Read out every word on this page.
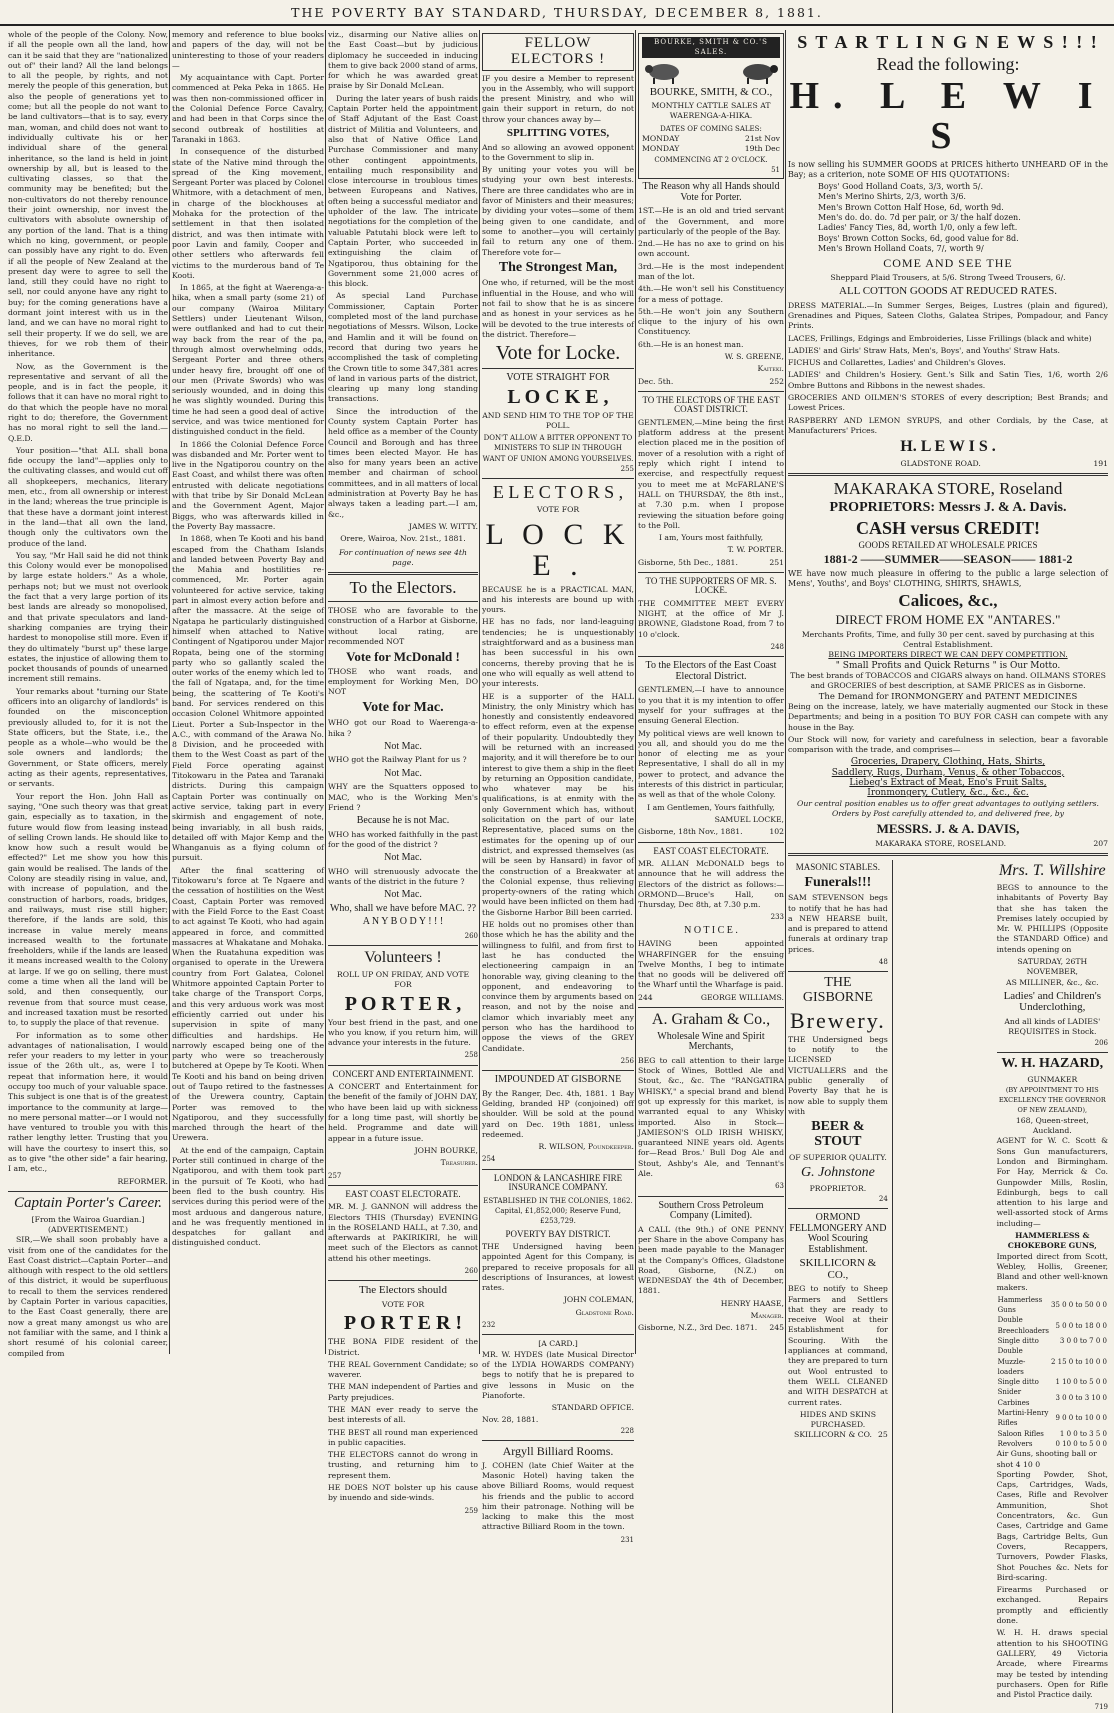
THE POVERTY BAY STANDARD, THURSDAY, DECEMBER 8, 1881.

whole of the people of the Colony. Now, if all the people own all the land, how can it be said that they are "nationalized out of" their land? All the land belongs to all the people, by rights, and not merely the people of this generation, but also the people of generations yet to come; but all the people do not want to be land cultivators—that is to say, every man, woman, and child does not want to individually cultivate his or her individual share of the general inheritance, so the land is held in joint ownership by all, but is leased to the cultivating classes, so that the community may be benefited; but the non-cultivators do not thereby renounce their joint ownership, nor invest the cultivators with absolute ownership of any portion of the land. That is a thing which no king, government, or people can possibly have any right to do. Even if all the people of New Zealand at the present day were to agree to sell the land, still they could have no right to sell, nor could anyone have any right to buy; for the coming generations have a dormant joint interest with us in the land, and we can have no moral right to sell their property. If we do sell, we are thieves, for we rob them of their inheritance.

Now, as the Government is the representative and servant of all the people, and is in fact the people, it follows that it can have no moral right to do that which the people have no moral right to do; therefore, the Government has no moral right to sell the land.—Q.E.D.

Your position—"that ALL shall bona fide occupy the land"—applies only to the cultivating classes, and would cut off all shopkeepers, mechanics, literary men, etc., from all ownership or interest in the land; whereas the true principle is that these have a dormant joint interest in the land—that all own the land, though only the cultivators own the produce of the land.

You say, "Mr Hall said he did not think this Colony would ever be monopolised by large estate holders." As a whole, perhaps not; but we must not overlook the fact that a very large portion of its best lands are already so monopolised, and that private speculators and land-sharking companies are trying their hardest to monopolise still more. Even if they do ultimately "burst up" these large estates, the injustice of allowing them to pocket thousands of pounds of unearned increment still remains.

Your remarks about "turning our State officers into an oligarchy of landlords" is founded on the misconception previously alluded to, for it is not the State officers, but the State, i.e., the people as a whole—who would be the sole owners and landlords; the Government, or State officers, merely acting as their agents, representatives, or servants.

Your report the Hon. John Hall as saying, "One such theory was that great gain, especially as to taxation, in the future would flow from leasing instead of selling Crown lands. He should like to know how such a result would be effected?" Let me show you how this gain would be realised. The lands of the Colony are steadily rising in value, and, with increase of population, and the construction of harbors, roads, bridges, and railways, must rise still higher; therefore, if the lands are sold, this increase in value merely means increased wealth to the fortunate freeholders, while if the lands are leased it means increased wealth to the Colony at large. If we go on selling, there must come a time when all the land will be sold, and then consequently, our revenue from that source must cease, and increased taxation must be resorted to, to supply the place of that revenue.

For information as to some other advantages of nationalisation, I would refer your readers to my letter in your issue of the 26th ult., as, were I to repeat that information here, it would occupy too much of your valuable space. This subject is one that is of the greatest importance to the community at large—no mere personal matter—or I would not have ventured to trouble you with this rather lengthy letter. Trusting that you will have the courtesy to insert this, so as to give "the other side" a fair hearing, I am, etc.,

REFORMER.
Captain Porter's Career.
[From the Wairoa Guardian.]
(ADVERTISEMENT.)

SIR,—We shall soon probably have a visit from one of the candidates for the East Coast district—Captain Porter—and although with respect to the old settlers of this district, it would be superfluous to recall to them the services rendered by Captain Porter in various capacities, to the East Coast generally, there are now a great many amongst us who are not familiar with the same, and I think a short resumé of his colonial career, compiled from

memory and reference to blue books and papers of the day, will not be uninteresting to those of your readers—

My acquaintance with Capt. Porter commenced at Peka Peka in 1865. He was then non-commissioned officer in the Colonial Defence Force Cavalry, and had been in that Corps since the second outbreak of hostilities at Taranaki in 1863.

In consequence of the disturbed state of the Native mind through the spread of the King movement, Sergeant Porter was placed by Colonel Whitmore, with a detachment of men, in charge of the blockhouses at Mohaka for the protection of the settlement in that then isolated district, and was then intimate with poor Lavin and family, Cooper and other settlers who afterwards fell victims to the murderous band of Te Kooti.

In 1865, at the fight at Waerenga-a-hika, when a small party (some 21) of our company (Wairoa Military Settlers) under Lieutenant Wilson, were outflanked and had to cut their way back from the rear of the pa, through almost overwhelming odds, Sergeant Porter and three others under heavy fire, brought off one of our men (Private Swords) who was seriously wounded, and in doing this he was slightly wounded. During this time he had seen a good deal of active service, and was twice mentioned for distinguished conduct in the field.

In 1866 the Colonial Defence Force was disbanded and Mr. Porter went to live in the Ngatiporou country on the East Coast, and whilst there was often entrusted with delicate negotiations with that tribe by Sir Donald McLean and the Government Agent, Major Biggs, who was afterwards killed in the Poverty Bay massacre.

In 1868, when Te Kooti and his band escaped from the Chatham Islands and landed between Poverty Bay and the Mahia and hostilities re-commenced, Mr. Porter again volunteered for active service, taking part in almost every action before and after the massacre. At the seige of Ngatapa he particularly distinguished himself when attached to Native Contingent of Ngatiporou under Major Ropata, being one of the storming party who so gallantly scaled the outer works of the enemy which led to the fall of Ngatapa, and, for the time being, the scattering of Te Kooti's band. For services rendered on this occasion Colonel Whitmore appointed Lieut. Porter a Sub-Inspector in the A.C., with command of the Arawa No. 8 Division, and he proceeded with them to the West Coast as part of the Field Force operating against Titokowaru in the Patea and Taranaki districts. During this campaign Captain Porter was continually on active service, taking part in every skirmish and engagement of note, being invariably, in all bush raids, detailed off with Major Kemp and the Whanganuis as a flying column of pursuit.

After the final scattering of Titokowaru's force at Te Ngaere and the cessation of hostilities on the West Coast, Captain Porter was removed with the Field Force to the East Coast to act against Te Kooti, who had again appeared in force, and committed massacres at Whakatane and Mohaka. When the Ruatahuna expedition was organised to operate in the Urewera country from Fort Galatea, Colonel Whitmore appointed Captain Porter to take charge of the Transport Corps, and this very arduous work was most efficiently carried out under his supervision in spite of many difficulties and hardships. He narrowly escaped being one of the party who were so treacherously butchered at Opepe by Te Kooti. When Te Kooti and his band on being driven out of Taupo retired to the fastnesses of the Urewera country, Captain Porter was removed to the Ngatiporou, and they successfully marched through the heart of the Urewera.

At the end of the campaign, Captain Porter still continued in charge of the Ngatiporou, and with them took part in the pursuit of Te Kooti, who had been fled to the bush country. His services during this period were of the most arduous and dangerous nature, and he was frequently mentioned in despatches for gallant and distinguished conduct.

viz., disarming our Native allies on the East Coast—but by judicious diplomacy he succeeded in inducing them to give back 2000 stand of arms, for which he was awarded great praise by Sir Donald McLean.

During the later years of bush raids Captain Porter held the appointment of Staff Adjutant of the East Coast district of Militia and Volunteers, and also that of Native Office Land Purchase Commissioner and many other contingent appointments, entailing much responsibility and close intercourse in troublous times between Europeans and Natives, often being a successful mediator and upholder of the law. The intricate negotiations for the completion of the valuable Patutahi block were left to Captain Porter, who succeeded in extinguishing the claim of Ngatiporou, thus obtaining for the Government some 21,000 acres of this block.

As special Land Purchase Commissioner, Captain Porter completed most of the land purchase negotiations of Messrs. Wilson, Locke and Hamlin and it will be found on record that during two years he accomplished the task of completing the Crown title to some 347,381 acres of land in various parts of the district, clearing up many long standing transactions.

Since the introduction of the County system Captain Porter has held office as a member of the County Council and Borough and has three times been elected Mayor. He has also for many years been an active member and chairman of school committees, and in all matters of local administration at Poverty Bay he has always taken a leading part.—I am, &c.,

JAMES W. WITTY.
Orere, Wairoa, Nov. 21st., 1881.
For continuation of news see 4th page.
To the Electors.

THOSE who are favorable to the construction of a Harbor at Gisborne, without local rating, are recommended NOT

Vote for McDonald !

THOSE who want roads, and employment for Working Men, DO NOT

Vote for Mac.

WHO got our Road to Waerenga-a-hika ?

Not Mac.

WHO got the Railway Plant for us ?

Not Mac.

WHY are the Squatters opposed to MAC, who is the Working Men's Friend ?

Because he is not Mac.

WHO has worked faithfully in the past for the good of the district ?

Not Mac.

WHO will strenuously advocate the wants of the district in the future ?

Not Mac.
Who, shall we have before MAC. ??
A N Y B O D Y ! ! !
260
Volunteers !
ROLL UP ON FRIDAY, AND VOTE FOR
P O R T E R ,

Your best friend in the past, and one who you know, if you return him, will advance your interests in the future.

258
CONCERT AND ENTERTAINMENT.

A CONCERT and Entertainment for the benefit of the family of JOHN DAY, who have been laid up with sickness for a long time past, will shortly be held. Programme and date will appear in a future issue.

JOHN BOURKE,
Treasurer.
257
EAST COAST ELECTORATE.

MR. M. J. GANNON will address the Electors THIS (Thursday) EVENING in the ROSELAND HALL, at 7.30, and afterwards at PAKIRIKIRI, he will meet such of the Electors as cannot attend his other meetings.

260
The Electors should
VOTE FOR
P O R T E R !

THE BONA FIDE resident of the District.

THE REAL Government Candidate; so waverer.

THE MAN independent of Parties and Party prejudices.

THE MAN ever ready to serve the best interests of all.

THE BEST all round man experienced in public capacities.

THE ELECTORS cannot do wrong in trusting, and returning him to represent them.

HE DOES NOT bolster up his cause by inuendo and side-winds.

259
FELLOW ELECTORS !

IF you desire a Member to represent you in the Assembly, who will support the present Ministry, and who will gain their support in return, do not throw your chances away by—

SPLITTING VOTES,

And so allowing an avowed opponent to the Government to slip in.

By uniting your votes you will be studying your own best interests. There are three candidates who are in favor of Ministers and their measures; by dividing your votes—some of them being given to one candidate, and some to another—you will certainly fail to return any one of them. Therefore vote for—

The Strongest Man,

One who, if returned, will be the most influential in the House, and who will not fail to show that he is as sincere and as honest in your services as he will be devoted to the true interests of the district. Therefore—

Vote for Locke.
VOTE STRAIGHT FOR
L O C K E ,
AND SEND HIM TO THE TOP OF THE POLL.
DON'T ALLOW A BITTER OPPONENT TO MINISTERS TO SLIP IN THROUGH WANT OF UNION AMONG YOURSELVES.
255
E L E C T O R S ,
VOTE FOR
L O C K E .

BECAUSE he is a PRACTICAL MAN, and his interests are bound up with yours.

HE has no fads, nor land-leaguing tendencies; he is unquestionably straightforward and as a business man has been successful in his own concerns, thereby proving that he is one who will equally as well attend to your interests.

HE is a supporter of the HALL Ministry, the only Ministry which has honestly and consistently endeavored to effect reform, even at the expense of their popularity. Undoubtedly they will be returned with an increased majority, and it will therefore be to our interest to give them a ship in the fleet by returning an Opposition candidate, who whatever may be his qualifications, is at enmity with the only Government which has, without solicitation on the part of our late Representative, placed sums on the estimates for the opening up of our district, and expressed themselves (as will be seen by Hansard) in favor of the construction of a Breakwater at the Colonial expense, thus relieving property-owners of the rating which would have been inflicted on them had the Gisborne Harbor Bill been carried.

HE holds out no promises other than those which he has the ability and the willingness to fulfil, and from first to last he has conducted the electioneering campaign in an honorable way, giving cleaning to the opponent, and endeavoring to convince them by arguments based on reason, and not by the noise and clamor which invariably meet any person who has the hardihood to oppose the views of the GREY Candidate.

256
IMPOUNDED AT GISBORNE

By the Ranger, Dec. 4th, 1881. 1 Bay Gelding, branded HP (conjoined) off shoulder. Will be sold at the pound yard on Dec. 19th 1881, unless redeemed.

R. WILSON, Poundkeeper.
254
LONDON & LANCASHIRE FIRE INSURANCE COMPANY.
ESTABLISHED IN THE COLONIES, 1862.
Capital, £1,852,000; Reserve Fund, £253,729.
POVERTY BAY DISTRICT.

THE Undersigned having been appointed Agent for this Company, is prepared to receive proposals for all descriptions of Insurances, at lowest rates.

JOHN COLEMAN,
Gladstone Road.
232
[A CARD.]

MR. W. HYDES (late Musical Director of the LYDIA HOWARDS COMPANY) begs to notify that he is prepared to give lessons in Music on the Pianoforte.

STANDARD OFFICE.
Nov. 28, 1881.
228
Argyll Billiard Rooms.

J. COHEN (late Chief Waiter at the Masonic Hotel) having taken the above Billiard Rooms, would request his friends and the public to accord him their patronage. Nothing will be lacking to make this the most attractive Billiard Room in the town.

231
BOURKE, SMITH & CO.'S SALES.
BOURKE, SMITH, & CO.,
MONTHLY CATTLE SALES AT WAERENGA-A-HIKA.
DATES OF COMING SALES:
MONDAY	21st Nov
MONDAY	19th Dec
COMMENCING AT 2 O'CLOCK.
51
The Reason why all Hands should Vote for Porter.

1ST.—He is an old and tried servant of the Government, and more particularly of the people of the Bay.

2nd.—He has no axe to grind on his own account.

3rd.—He is the most independent man of the lot.

4th.—He won't sell his Constituency for a mess of pottage.

5th.—He won't join any Southern clique to the injury of his own Constituency.

6th.—He is an honest man.

W. S. GREENE,
Kaiteki.
Dec. 5th.	252
TO THE ELECTORS OF THE EAST COAST DISTRICT.

GENTLEMEN,—Mine being the first platform address at the present election placed me in the position of mover of a resolution with a right of reply which right I intend to exercise, and respectfully request you to meet me at McFARLANE'S HALL on THURSDAY, the 8th inst., at 7.30 p.m. when I propose reviewing the situation before going to the Poll.

I am, Yours most faithfully,
T. W. PORTER.
Gisborne, 5th Dec., 1881.	251
TO THE SUPPORTERS OF MR. S. LOCKE.

THE COMMITTEE MEET EVERY NIGHT, at the office of Mr J. BROWNE, Gladstone Road, from 7 to 10 o'clock.

248
To the Electors of the East Coast Electoral District.

GENTLEMEN,—I have to announce to you that it is my intention to offer myself for your suffrages at the ensuing General Election.

My political views are well known to you all, and should you do me the honor of electing me as your Representative, I shall do all in my power to protect, and advance the interests of this district in particular, as well as that of the whole Colony.

I am Gentlemen, Yours faithfully,
SAMUEL LOCKE,
Gisborne, 18th Nov., 1881.	102
EAST COAST ELECTORATE.

MR. ALLAN McDONALD begs to announce that he will address the Electors of the district as follows:— ORMOND—Bruce's Hall, on Thursday, Dec 8th, at 7.30 p.m.

233
N O T I C E .

HAVING been appointed WHARFINGER for the ensuing Twelve Months, I beg to intimate that no goods will be delivered off the Wharf until the Wharfage is paid.

244	GEORGE WILLIAMS.
A. Graham & Co.,
Wholesale Wine and Spirit Merchants,

BEG to call attention to their large Stock of Wines, Bottled Ale and Stout, &c., &c. The "RANGATIRA WHISKY," a special brand and blend got up expressly for this market, is warranted equal to any Whisky imported. Also in Stock—JAMIESON'S OLD IRISH WHISKY, guaranteed NINE years old. Agents for—Read Bros.' Bull Dog Ale and Stout, Ashby's Ale, and Tennant's Ale.

63
Southern Cross Petroleum Company (Limited).

A CALL (the 9th.) of ONE PENNY per Share in the above Company has been made payable to the Manager at the Company's Offices, Gladstone Road, Gisborne, (N.Z.) on WEDNESDAY the 4th of December, 1881.

HENRY HAASE,
Manager.
Gisborne, N.Z., 3rd Dec. 1871. 245
S T A R T L I N G N E W S ! ! !
Read the following:
H. L E W I S

Is now selling his SUMMER GOODS at PRICES hitherto UNHEARD OF in the Bay; as a criterion, note SOME OF HIS QUOTATIONS:

Boys' Good Holland Coats, 3/3, worth 5/.
Men's Merino Shirts, 2/3, worth 3/6.
Men's Brown Cotton Half Hose, 6d, worth 9d.
Men's do. do. do. 7d per pair, or 3/ the half dozen.
Ladies' Fancy Ties, 8d, worth 1/0, only a few left.
Boys' Brown Cotton Socks, 6d, good value for 8d.
Men's Brown Holland Coats, 7/, worth 9/
COME AND SEE THE
Sheppard Plaid Trousers, at 5/6. Strong Tweed Trousers, 6/.
ALL COTTON GOODS AT REDUCED RATES.

DRESS MATERIAL.—In Summer Serges, Beiges, Lustres (plain and figured), Grenadines and Piques, Sateen Cloths, Galatea Stripes, Pompadour, and Fancy Prints.

LACES, Frillings, Edgings and Embroideries, Lisse Frillings (black and white)

LADIES' and Girls' Straw Hats, Men's, Boys', and Youths' Straw Hats.

FICHUS and Collarettes, Ladies' and Children's Gloves.

LADIES' and Children's Hosiery. Gent.'s Silk and Satin Ties, 1/6, worth 2/6 Ombre Buttons and Ribbons in the newest shades.

GROCERIES AND OILMEN'S STORES of every description; Best Brands; and Lowest Prices.

RASPBERRY AND LEMON SYRUPS, and other Cordials, by the Case, at Manufacturers' Prices.

H. L E W I S .
GLADSTONE ROAD.	191
MAKARAKA STORE, Roseland
PROPRIETORS: Messrs J. & A. Davis.
CASH versus CREDIT!
GOODS RETAILED AT WHOLESALE PRICES
1881-2 ——SUMMER——SEASON—— 1881-2

WE have now much pleasure in offering to the public a large selection of Mens', Youths', and Boys' CLOTHING, SHIRTS, SHAWLS,

Calicoes, &c.,
DIRECT FROM HOME EX "ANTARES."
Merchants Profits, Time, and fully 30 per cent. saved by purchasing at this Central Establishment.
BEING IMPORTERS DIRECT WE CAN DEFY COMPETITION.
" Small Profits and Quick Returns " is Our Motto.
The best brands of TOBACCOS and CIGARS always on hand. OILMANS STORES and GROCERIES of best description, at SAME PRICES as in Gisborne.
The Demand for IRONMONGERY and PATENT MEDICINES

Being on the increase, lately, we have materially augmented our Stock in these Departments; and being in a position TO BUY FOR CASH can compete with any house in the Bay.

Our Stock will now, for variety and carefulness in selection, bear a favorable comparison with the trade, and comprises—

Groceries, Drapery, Clothing, Hats, Shirts,
Saddlery, Rugs, Durham, Venus, & other Tobaccos,
Liebeg's Extract of Meat, Eno's Fruit Salts,
Ironmongery, Cutlery, &c., &c., &c.
Our central position enables us to offer great advantages to outlying settlers. Orders by Post carefully attended to, and delivered free, by
MESSRS. J. & A. DAVIS,
MAKARAKA STORE, ROSELAND.	207
MASONIC STABLES.
Funerals!!!

SAM STEVENSON begs to notify that he has had a NEW HEARSE built, and is prepared to attend funerals at ordinary trap prices.

48
THE GISBORNE
Brewery.

THE Undersigned begs to notify to the LICENSED VICTUALLERS and the public generally of Poverty Bay that he is now able to supply them with

BEER & STOUT
OF SUPERIOR QUALITY.
G. Johnstone
PROPRIETOR.
24
ORMOND FELLMONGERY AND Wool Scouring Establishment.
SKILLICORN & CO.,

BEG to notify to Sheep Farmers and Settlers that they are ready to receive Wool at their Establishment for Scouring. With the appliances at command, they are prepared to turn out Wool entrusted to them WELL CLEANED and WITH DESPATCH at current rates.

HIDES AND SKINS PURCHASED.
SKILLICORN & CO. 25
Mrs. T. Willshire

BEGS to announce to the inhabitants of Poverty Bay that she has taken the Premises lately occupied by Mr. W. PHILLIPS (Opposite the STANDARD Office) and intends opening on

SATURDAY, 26TH NOVEMBER,
AS MILLINER, &c., &c.
Ladies' and Children's Underclothing,
And all kinds of LADIES' REQUISITES in Stock.
206
W. H. HAZARD,
GUNMAKER
(BY APPOINTMENT TO HIS EXCELLENCY THE GOVERNOR OF NEW ZEALAND),
168, Queen-street, Auckland.

AGENT for W. C. Scott & Sons Gun manufacturers, London and Birmingham. For Hay, Merrick & Co. Gunpowder Mills, Roslin, Edinburgh, begs to call attention to his large and well-assorted stock of Arms including—

HAMMERLESS & CHOKEBORE GUNS,

Imported direct from Scott, Webley, Hollis, Greener, Bland and other well-known makers.

Hammerless Guns	35 0 0 to 50 0 0
Double Breechloaders	5 0 0 to 18 0 0
Single ditto	3 0 0 to 7 0 0
Double Muzzle-loaders	2 15 0 to 10 0 0
Single ditto	1 10 0 to 5 0 0
Snider Carbines	3 0 0 to 3 10 0
Martini-Henry Rifles	9 0 0 to 10 0 0
Saloon Rifles	1 0 0 to 3 5 0
Revolvers	0 10 0 to 5 0 0
Air Guns, shooting ball or shot 4 10 0

Sporting Powder, Shot, Caps, Cartridges, Wads, Cases, Rifle and Revolver Ammunition, Shot Concentrators, &c. Gun Cases, Cartridge and Game Bags, Cartridge Belts, Gun Covers, Recappers, Turnovers, Powder Flasks, Shot Pouches &c. Nets for Bird-scaring.

Firearms Purchased or exchanged. Repairs promptly and efficiently done.

W. H. H. draws special attention to his SHOOTING GALLERY, 49 Victoria Arcade, where Firearms may be tested by intending purchasers. Open for Rifle and Pistol Practice daily.

719
